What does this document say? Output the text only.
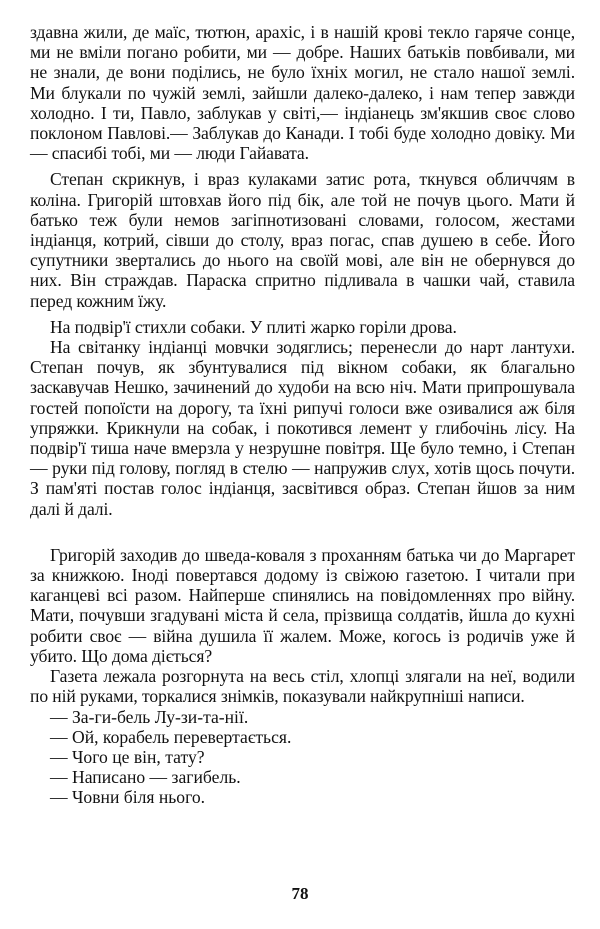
здавна жили, де маїс, тютюн, арахіс, і в нашій крові текло гаряче сонце, ми не вміли погано робити, ми — добре. Наших батьків повбивали, ми не знали, де вони поділись, не було їхніх могил, не стало нашої землі. Ми блукали по чужій землі, зайшли далеко-далеко, і нам тепер завжди холодно. І ти, Павло, заблукав у світі,— індіанець зм'якшив своє слово поклоном Павлові.— Заблукав до Канади. І тобі буде холодно довіку. Ми — спасибі тобі, ми — люди Гайавата.

Степан скрикнув, і враз кулаками затис рота, ткнувся обличчям в коліна. Григорій штовхав його під бік, але той не почув цього. Мати й батько теж були немов загіпнотизовані словами, голосом, жестами індіанця, котрий, сівши до столу, враз погас, спав душею в себе. Його супутники звертались до нього на своїй мові, але він не обернувся до них. Він страждав. Параска спритно підливала в чашки чай, ставила перед кожним їжу.

На подвір'ї стихли собаки. У плиті жарко горіли дрова.

На світанку індіанці мовчки зодяглись; перенесли до нарт лантухи. Степан почув, як збунтувалися під вікном собаки, як благально заскавучав Нешко, зачинений до худоби на всю ніч. Мати припрошувала гостей попоїсти на дорогу, та їхні рипучі голоси вже озивалися аж біля упряжки. Крикнули на собак, і покотився лемент у глибочінь лісу. На подвір'ї тиша наче вмерзла у незрушне повітря. Ще було темно, і Степан — руки під голову, погляд в стелю — напружив слух, хотів щось почути. З пам'яті постав голос індіанця, засвітився образ. Степан йшов за ним далі й далі.

Григорій заходив до шведа-коваля з проханням батька чи до Маргарет за книжкою. Іноді повертався додому із свіжою газетою. І читали при каганцеві всі разом. Найперше спинялись на повідомленнях про війну. Мати, почувши згадувані міста й села, прізвища солдатів, йшла до кухні робити своє — війна душила її жалем. Може, когось із родичів уже й убито. Що дома діється?

Газета лежала розгорнута на весь стіл, хлопці злягали на неї, водили по ній руками, торкалися знімків, показували найкрупніші написи.

— За-ги-бель Лу-зи-та-нії.
— Ой, корабель перевертається.
— Чого це він, тату?
— Написано — загибель.
— Човни біля нього.
78
